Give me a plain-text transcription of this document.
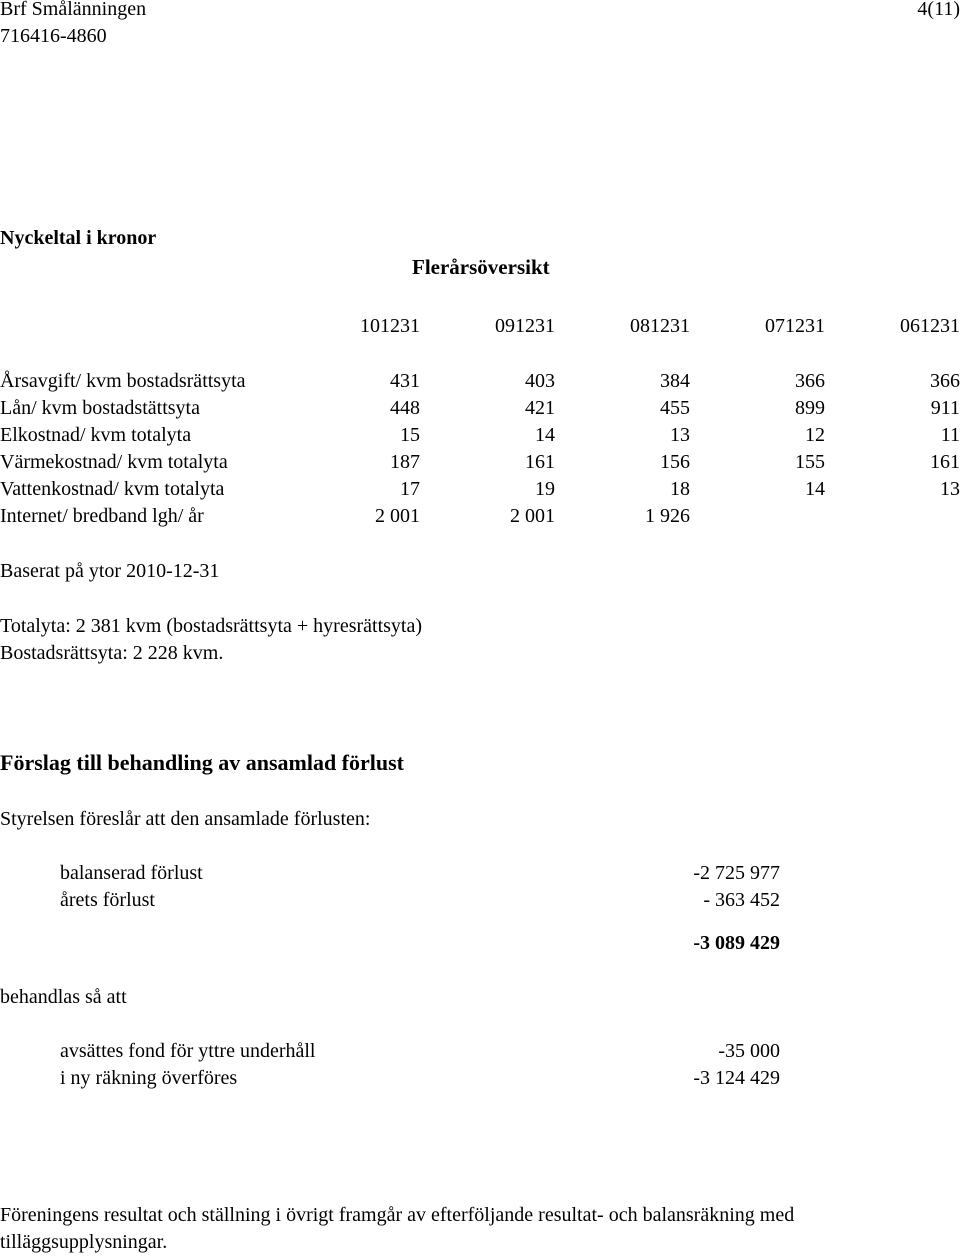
Brf Smålänningen
716416-4860
4(11)
Nyckeltal i kronor
Flerårsöversikt
101231	091231	081231	071231	061231
Årsavgift/ kvm bostadsrättsyta	431	403	384	366	366
Lån/ kvm bostadstättsyta	448	421	455	899	911
Elkostnad/ kvm totalyta	15	14	13	12	11
Värmekostnad/ kvm totalyta	187	161	156	155	161
Vattenkostnad/ kvm totalyta	17	19	18	14	13
Internet/ bredband lgh/ år	2 001	2 001	1 926
Baserat på ytor 2010-12-31
Totalyta: 2 381 kvm (bostadsrättsyta + hyresrättsyta)
Bostadsrättsyta: 2 228 kvm.
Förslag till behandling av ansamlad förlust
Styrelsen föreslår att den ansamlade förlusten:
balanserad förlust	-2 725 977
årets förlust	- 363 452
-3 089 429
behandlas så att
avsättes fond för yttre underhåll	-35 000
i ny räkning överföres	-3 124 429
Föreningens resultat och ställning i övrigt framgår av efterföljande resultat- och balansräkning med tilläggsupplysningar.
